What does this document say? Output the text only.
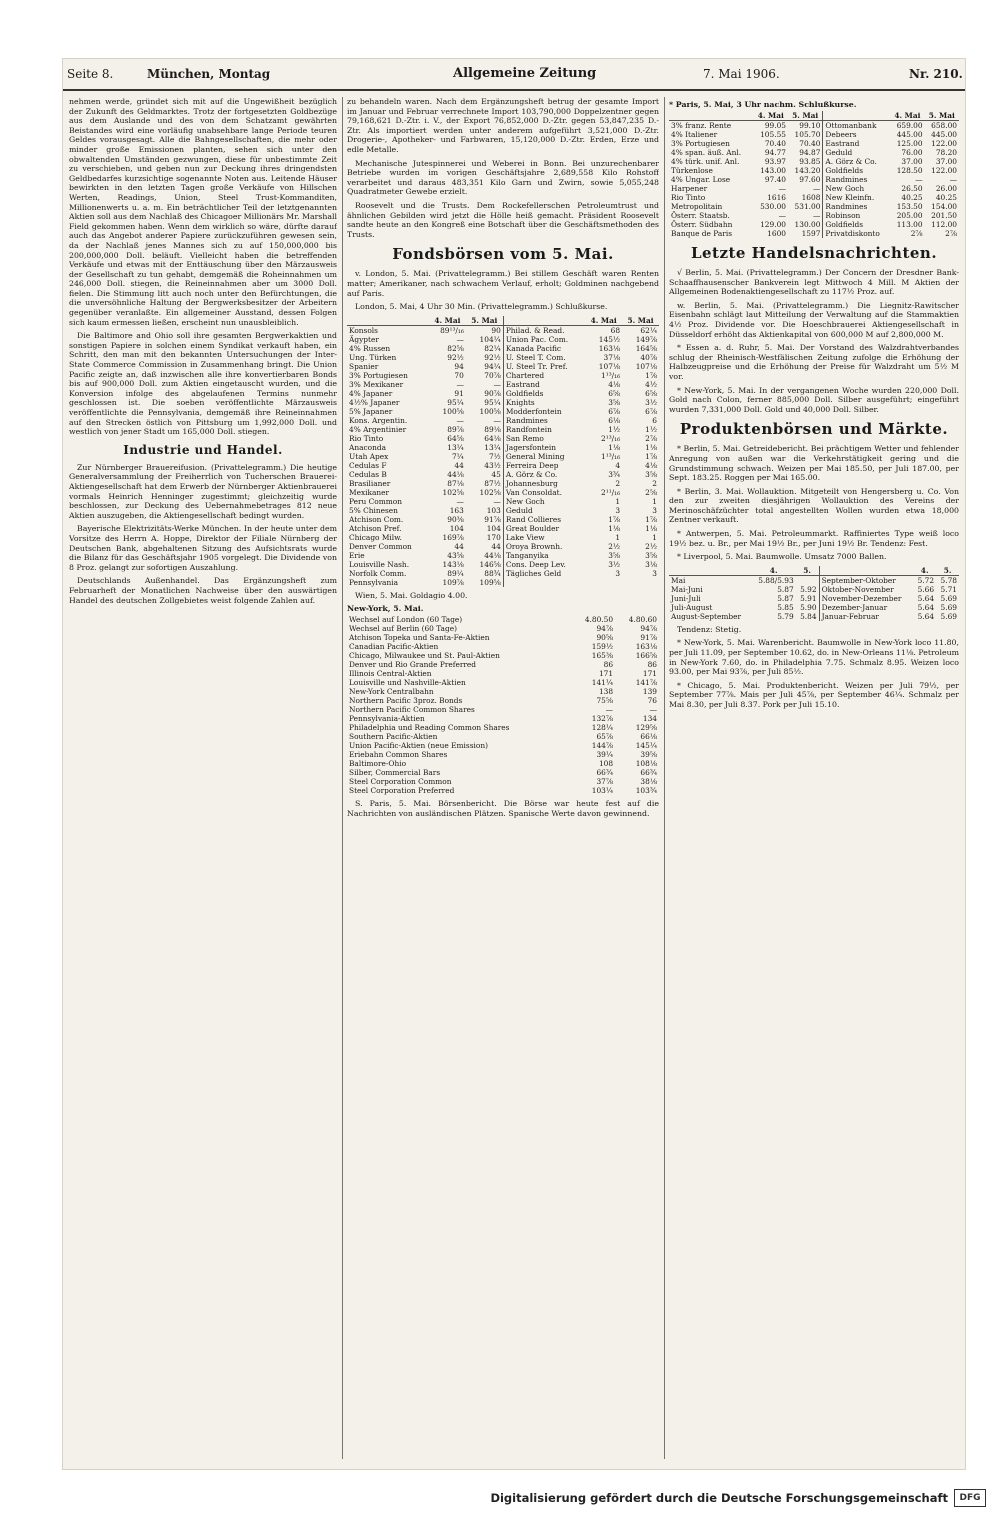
Seite 8.	München, Montag	Allgemeine Zeitung	7. Mai 1906.	Nr. 210.

nehmen werde, gründet sich mit auf die Ungewißheit bezüglich der Zukunft des Geldmarktes. Trotz der fortgesetzten Goldbezüge aus dem Auslande und des von dem Schatzamt gewährten Beistandes wird eine vorläufig unabsehbare lange Periode teuren Geldes vorausgesagt. Alle die Bahngesellschaften, die mehr oder minder große Emissionen planten, sehen sich unter den obwaltenden Umständen gezwungen, diese für unbestimmte Zeit zu verschieben, und geben nun zur Deckung ihres dringendsten Geldbedarfes kurzsichtige sogenannte Noten aus. Leitende Häuser bewirkten in den letzten Tagen große Verkäufe von Hillschen Werten, Readings, Union, Steel Trust-Kommanditen, Millionenwerts u. a. m. Ein beträchtlicher Teil der letztgenannten Aktien soll aus dem Nachlaß des Chicagoer Millionärs Mr. Marshall Field gekommen haben. Wenn dem wirklich so wäre, dürfte darauf auch das Angebot anderer Papiere zurückzuführen gewesen sein, da der Nachlaß jenes Mannes sich zu auf 150,000,000 bis 200,000,000 Doll. beläuft. Vielleicht haben die betreffenden Verkäufe und etwas mit der Enttäuschung über den Märzausweis der Gesellschaft zu tun gehabt, demgemäß die Roheinnahmen um 246,000 Doll. stiegen, die Reineinnahmen aber um 3000 Doll. fielen. Die Stimmung litt auch noch unter den Befürchtungen, die die unversöhnliche Haltung der Bergwerksbesitzer der Arbeitern gegenüber veranlaßte. Ein allgemeiner Ausstand, dessen Folgen sich kaum ermessen ließen, erscheint nun unausbleiblich.

Die Baltimore and Ohio soll ihre gesamten Bergwerkaktien und sonstigen Papiere in solchen einem Syndikat verkauft haben, ein Schritt, den man mit den bekannten Untersuchungen der Inter-State Commerce Commission in Zusammenhang bringt. Die Union Pacific zeigte an, daß inzwischen alle ihre konvertierbaren Bonds bis auf 900,000 Doll. zum Aktien eingetauscht wurden, und die Konversion infolge des abgelaufenen Termins nunmehr geschlossen ist. Die soeben veröffentlichte Märzausweis veröffentlichte die Pennsylvania, demgemäß ihre Reineinnahmen auf den Strecken östlich von Pittsburg um 1,992,000 Doll. und westlich von jener Stadt um 165,000 Doll. stiegen.

Industrie und Handel.

Zur Nürnberger Brauereifusion. (Privattelegramm.) Die heutige Generalversammlung der Freiherrlich von Tucherschen Brauerei-Aktiengesellschaft hat dem Erwerb der Nürnberger Aktienbrauerei vormals Heinrich Henninger zugestimmt; gleichzeitig wurde beschlossen, zur Deckung des Uebernahmebetrages 812 neue Aktien auszugeben, die Aktiengesellschaft bedingt wurden.

Bayerische Elektrizitäts-Werke München. In der heute unter dem Vorsitze des Herrn A. Hoppe, Direktor der Filiale Nürnberg der Deutschen Bank, abgehaltenen Sitzung des Aufsichtsrats wurde die Bilanz für das Geschäftsjahr 1905 vorgelegt. Die Dividende von 8 Proz. gelangt zur sofortigen Auszahlung.

Deutschlands Außenhandel. Das Ergänzungsheft zum Februarheft der Monatlichen Nachweise über den auswärtigen Handel des deutschen Zollgebietes weist folgende Zahlen auf.

zu behandeln waren. Nach dem Ergänzungsheft betrug der gesamte Import im Januar und Februar verrechnete Import 103,790,000 Doppelzentner gegen 79,168,621 D.-Ztr. i. V., der Export 76,852,000 D.-Ztr. gegen 53,847,235 D.-Ztr. Als importiert werden unter anderem aufgeführt 3,521,000 D.-Ztr. Drogerie-, Apotheker- und Farbwaren, 15,120,000 D.-Ztr. Erden, Erze und edle Metalle.

Mechanische Jutespinnerei und Weberei in Bonn. Bei unzurechenbarer Betriebe wurden im vorigen Geschäftsjahre 2,689,558 Kilo Rohstoff verarbeitet und daraus 483,351 Kilo Garn und Zwirn, sowie 5,055,248 Quadratmeter Gewebe erzielt.

Roosevelt und die Trusts. Dem Rockefellerschen Petroleumtrust und ähnlichen Gebilden wird jetzt die Hölle heiß gemacht. Präsident Roosevelt sandte heute an den Kongreß eine Botschaft über die Geschäftsmethoden des Trusts.

Fondsbörsen vom 5. Mai.

v. London, 5. Mai. (Privattelegramm.) Bei stillem Geschäft waren Renten matter; Amerikaner, nach schwachem Verlauf, erholt; Goldminen nachgebend auf Paris.

London, 5. Mai, 4 Uhr 30 Min. (Privattelegramm.) Schlußkurse.

	4. Mai	5. Mai		4. Mai	5. Mai
Konsols	89¹³/₁₆	90	Philad. & Read.	68	62¼
Ägypter	—	104¼	Union Pac. Com.	145½	149⅞
4% Russen	82⅝	82¼	Kanada Pacific	163⅛	164⅝
Ung. Türken	92½	92½	U. Steel T. Com.	37⅛	40⅞
Spanier	94	94¼	U. Steel Tr. Pref.	107⅛	107⅛
3% Portugiesen	70	70⅞	Chartered	1¹³/₁₆	1⅞
3% Mexikaner	—	—	Eastrand	4⅛	4½
4% Japaner	91	90⅞	Goldfields	6⅝	6⅝
4½% Japaner	95¼	95¼	Knights	3⅝	3½
5% Japaner	100⅝	100⅝	Modderfontein	6⅞	6⅞
Kons. Argentin.	—	—	Randmines	6⅛	6
4% Argentinier	89⅞	89⅛	Randfontein	1½	1½
Rio Tinto	64⅝	64⅛	San Remo	2¹³/₁₆	2⅞
Anaconda	13¼	13¼	Jagersfontein	1⅛	1⅛
Utah Apex	7¼	7½	General Mining	1¹³/₁₆	1⅞
Cedulas F	44	43½	Ferreira Deep	4	4⅛
Cedulas B	44⅛	45	A. Görz & Co.	3¾	3⅝
Brasilianer	87⅛	87½	Johannesburg	2	2
Mexikaner	102⅝	102⅝	Van Consoldat.	2¹¹/₁₆	2⅝
Peru Common	—	—	New Goch	1	1
5% Chinesen	163	103	Geduld	3	3
Atchison Com.	90⅜	91⅞	Rand Collieres	1⅞	1⅞
Atchison Pref.	104	104	Great Boulder	1⅛	1⅛
Chicago Milw.	169⅞	170	Lake View	1	1
Denver Common	44	44	Oroya Brownh.	2½	2½
Erie	43⅝	44⅛	Tanganyika	3⅝	3⅝
Louisville Nash.	143⅛	146⅝	Cons. Deep Lev.	3½	3⅛
Norfolk Comm.	89¼	88¾	Tägliches Geld	3	3
Pennsylvania	109⅞	109⅝			

Wien, 5. Mai. Goldagio 4.00.

New-York, 5. Mai.
Wechsel auf London (60 Tage)	4.80.50	4.80.60
Wechsel auf Berlin (60 Tage)	94⅞	94⅞
Atchison Topeka und Santa-Fe-Aktien	90⅝	91⅞
Canadian Pacific-Aktien	159½	163⅛
Chicago, Milwaukee und St. Paul-Aktien	165⅜	166⅝
Denver und Rio Grande Preferred	86	86
Illinois Central-Aktien	171	171
Louisville und Nashville-Aktien	141¼	141⅞
New-York Centralbahn	138	139
Northern Pacific 3proz. Bonds	75⅝	76
Northern Pacific Common Shares	—	—
Pennsylvania-Aktien	132⅞	134
Philadelphia und Reading Common Shares	128¼	129⅝
Southern Pacific-Aktien	65⅞	66⅛
Union Pacific-Aktien (neue Emission)	144⅞	145¼
Eriebahn Common Shares	39¼	39⅝
Baltimore-Ohio	108	108⅛
Silber, Commercial Bars	66¾	66¾
Steel Corporation Common	37⅞	38⅛
Steel Corporation Preferred	103¼	103¾

S. Paris, 5. Mai. Börsenbericht. Die Börse war heute fest auf die Nachrichten von ausländischen Plätzen. Spanische Werte davon gewinnend.

* Paris, 5. Mai, 3 Uhr nachm. Schlußkurse.
	4. Mai	5. Mai		4. Mai	5. Mai
3% franz. Rente	99.05	99.10	Ottomanbank	659.00	658.00
4% Italiener	105.55	105.70	Debeers	445.00	445.00
3% Portugiesen	70.40	70.40	Eastrand	125.00	122.00
4% span. äuß. Anl.	94.77	94.87	Geduld	76.00	78.20
4% türk. unif. Anl.	93.97	93.85	A. Görz & Co.	37.00	37.00
Türkenlose	143.00	143.20	Goldfields	128.50	122.00
4% Ungar. Lose	97.40	97.60	Randmines	—	—
Harpener	—	—	New Goch	26.50	26.00
Rio Tinto	1616	1608	New Kleinfn.	40.25	40.25
Metropolitain	530.00	531.00	Randmines	153.50	154.00
Österr. Staatsb.	—	—	Robinson	205.00	201.50
Österr. Südbahn	129.00	130.00	Goldfields	113.00	112.00
Banque de Paris	1600	1597	Privatdiskonto	2⅞	2⅞
Letzte Handelsnachrichten.

√ Berlin, 5. Mai. (Privattelegramm.) Der Concern der Dresdner Bank-Schaaffhausenscher Bankverein legt Mittwoch 4 Mill. M Aktien der Allgemeinen Bodenaktiengesellschaft zu 117½ Proz. auf.

w. Berlin, 5. Mai. (Privattelegramm.) Die Liegnitz-Rawitscher Eisenbahn schlägt laut Mitteilung der Verwaltung auf die Stammaktien 4½ Proz. Dividende vor. Die Hoeschbrauerei Aktiengesellschaft in Düsseldorf erhöht das Aktienkapital von 600,000 M auf 2,800,000 M.

* Essen a. d. Ruhr, 5. Mai. Der Vorstand des Walzdrahtverbandes schlug der Rheinisch-Westfälischen Zeitung zufolge die Erhöhung der Halbzeugpreise und die Erhöhung der Preise für Walzdraht um 5½ M vor.

* New-York, 5. Mai. In der vergangenen Woche wurden 220,000 Doll. Gold nach Colon, ferner 885,000 Doll. Silber ausgeführt; eingeführt wurden 7,331,000 Doll. Gold und 40,000 Doll. Silber.

Produktenbörsen und Märkte.

* Berlin, 5. Mai. Getreidebericht. Bei prächtigem Wetter und fehlender Anregung von außen war die Verkehrstätigkeit gering und die Grundstimmung schwach. Weizen per Mai 185.50, per Juli 187.00, per Sept. 183.25. Roggen per Mai 165.00.

* Berlin, 3. Mai. Wollauktion. Mitgeteilt von Hengersberg u. Co. Von den zur zweiten diesjährigen Wollauktion des Vereins der Merinoschäfzüchter total angestellten Wollen wurden etwa 18,000 Zentner verkauft.

* Antwerpen, 5. Mai. Petroleummarkt. Raffiniertes Type weiß loco 19½ bez. u. Br., per Mai 19½ Br., per Juni 19½ Br. Tendenz: Fest.

* Liverpool, 5. Mai. Baumwolle. Umsatz 7000 Ballen.

	4.	5.		4.	5.
Mai	5.88/5.93		September-Oktober	5.72	5.78
Mai-Juni	5.87	5.92	Oktober-November	5.66	5.71
Juni-Juli	5.87	5.91	November-Dezember	5.64	5.69
Juli-August	5.85	5.90	Dezember-Januar	5.64	5.69
August-September	5.79	5.84	Januar-Februar	5.64	5.69

Tendenz: Stetig.

* New-York, 5. Mai. Warenbericht. Baumwolle in New-York loco 11.80, per Juli 11.09, per September 10.62, do. in New-Orleans 11⅛. Petroleum in New-York 7.60, do. in Philadelphia 7.75. Schmalz 8.95. Weizen loco 93.00, per Mai 93⅞, per Juli 85½.

* Chicago, 5. Mai. Produktenbericht. Weizen per Juli 79½, per September 77⅞. Mais per Juli 45⅞, per September 46¼. Schmalz per Mai 8.30, per Juli 8.37. Pork per Juli 15.10.

Digitalisierung gefördert durch die Deutsche Forschungsgemeinschaft	DFG
